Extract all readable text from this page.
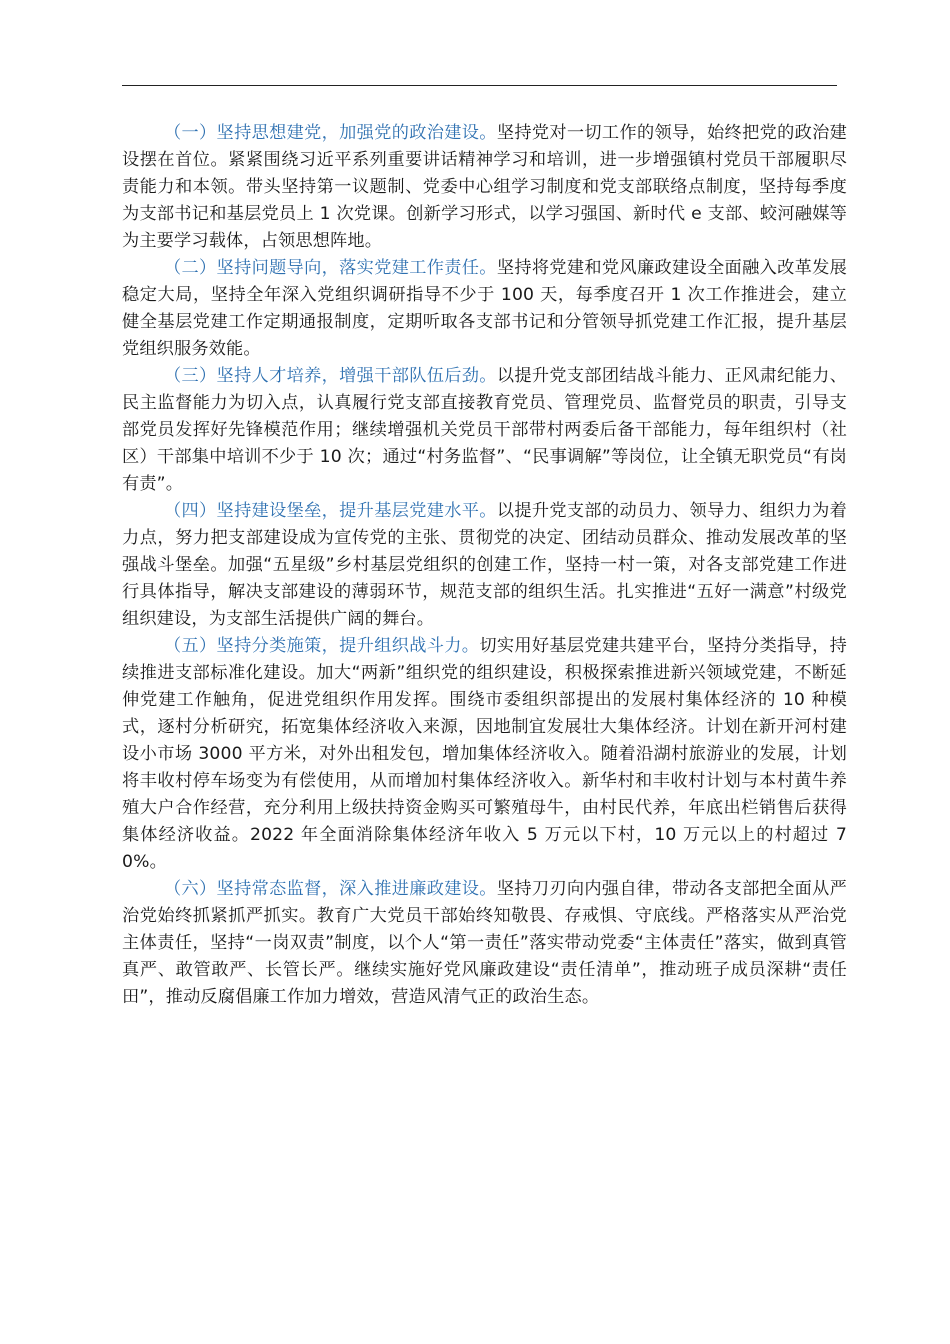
（一）坚持思想建党，加强党的政治建设。坚持党对一切工作的领导，始终把党的政治建设摆在首位。紧紧围绕习近平系列重要讲话精神学习和培训，进一步增强镇村党员干部履职尽责能力和本领。带头坚持第一议题制、党委中心组学习制度和党支部联络点制度，坚持每季度为支部书记和基层党员上 1 次党课。创新学习形式，以学习强国、新时代 e 支部、蛟河融媒等为主要学习载体，占领思想阵地。

（二）坚持问题导向，落实党建工作责任。坚持将党建和党风廉政建设全面融入改革发展稳定大局，坚持全年深入党组织调研指导不少于 100 天，每季度召开 1 次工作推进会，建立健全基层党建工作定期通报制度，定期听取各支部书记和分管领导抓党建工作汇报，提升基层党组织服务效能。

（三）坚持人才培养，增强干部队伍后劲。以提升党支部团结战斗能力、正风肃纪能力、民主监督能力为切入点，认真履行党支部直接教育党员、管理党员、监督党员的职责，引导支部党员发挥好先锋模范作用；继续增强机关党员干部带村两委后备干部能力，每年组织村（社区）干部集中培训不少于 10 次；通过“村务监督”、“民事调解”等岗位，让全镇无职党员“有岗有责”。

（四）坚持建设堡垒，提升基层党建水平。以提升党支部的动员力、领导力、组织力为着力点，努力把支部建设成为宣传党的主张、贯彻党的决定、团结动员群众、推动发展改革的坚强战斗堡垒。加强“五星级”乡村基层党组织的创建工作，坚持一村一策，对各支部党建工作进行具体指导，解决支部建设的薄弱环节，规范支部的组织生活。扎实推进“五好一满意”村级党组织建设，为支部生活提供广阔的舞台。

（五）坚持分类施策，提升组织战斗力。切实用好基层党建共建平台，坚持分类指导，持续推进支部标准化建设。加大“两新”组织党的组织建设，积极探索推进新兴领域党建，不断延伸党建工作触角，促进党组织作用发挥。围绕市委组织部提出的发展村集体经济的 10 种模式，逐村分析研究，拓宽集体经济收入来源，因地制宜发展壮大集体经济。计划在新开河村建设小市场 3000 平方米，对外出租发包，增加集体经济收入。随着沿湖村旅游业的发展，计划将丰收村停车场变为有偿使用，从而增加村集体经济收入。新华村和丰收村计划与本村黄牛养殖大户合作经营，充分利用上级扶持资金购买可繁殖母牛，由村民代养，年底出栏销售后获得集体经济收益。2022 年全面消除集体经济年收入 5 万元以下村，10 万元以上的村超过 70%。

（六）坚持常态监督，深入推进廉政建设。坚持刀刃向内强自律，带动各支部把全面从严治党始终抓紧抓严抓实。教育广大党员干部始终知敬畏、存戒惧、守底线。严格落实从严治党主体责任，坚持“一岗双责”制度，以个人“第一责任”落实带动党委“主体责任”落实，做到真管真严、敢管敢严、长管长严。继续实施好党风廉政建设“责任清单”，推动班子成员深耕“责任田”，推动反腐倡廉工作加力增效，营造风清气正的政治生态。
